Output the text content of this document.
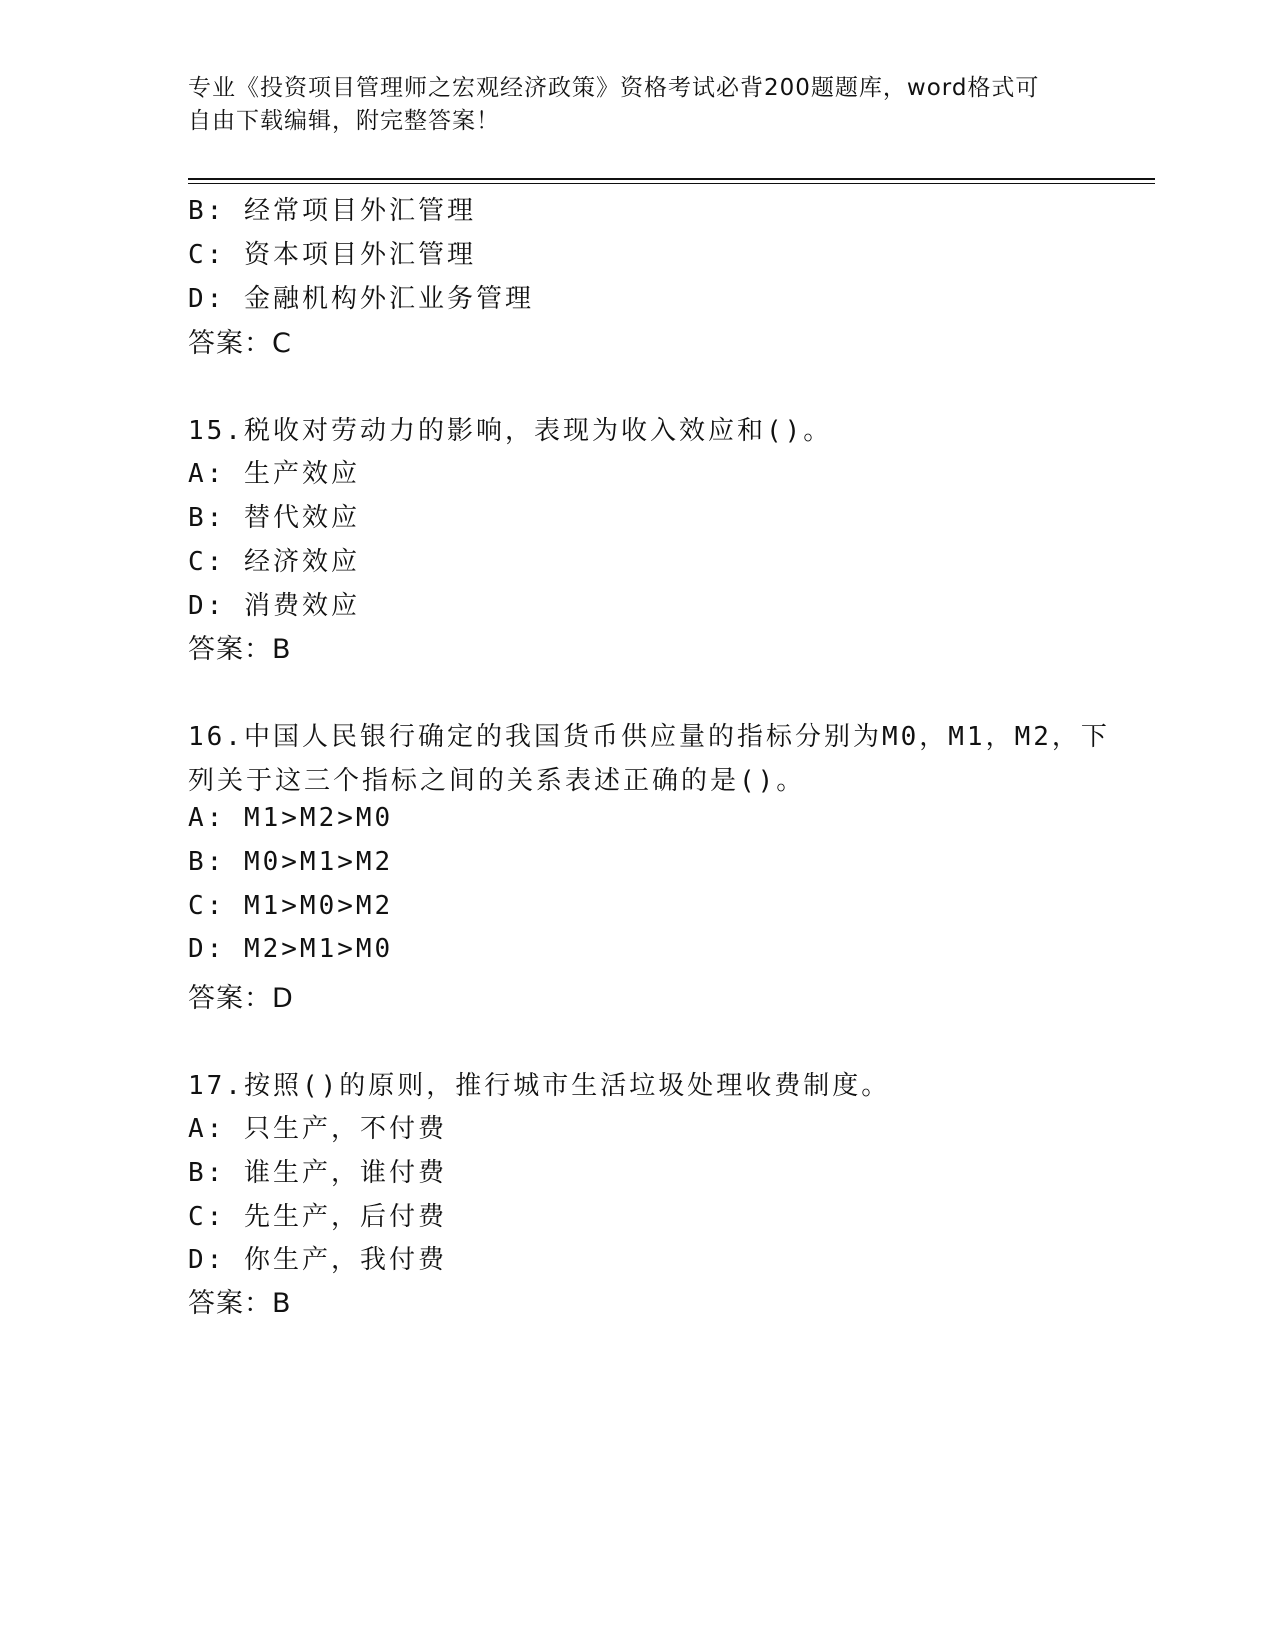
专业《投资项目管理师之宏观经济政策》资格考试必背200题题库，word格式可
自由下载编辑，附完整答案！
B: 经常项目外汇管理
C: 资本项目外汇管理
D: 金融机构外汇业务管理
答案：C
15.税收对劳动力的影响，表现为收入效应和()。
A: 生产效应
B: 替代效应
C: 经济效应
D: 消费效应
答案：B
16.中国人民银行确定的我国货币供应量的指标分别为M0，M1，M2，下
列关于这三个指标之间的关系表述正确的是()。
A: M1>M2>M0
B: M0>M1>M2
C: M1>M0>M2
D: M2>M1>M0
答案：D
17.按照()的原则，推行城市生活垃圾处理收费制度。
A: 只生产，不付费
B: 谁生产，谁付费
C: 先生产，后付费
D: 你生产，我付费
答案：B
